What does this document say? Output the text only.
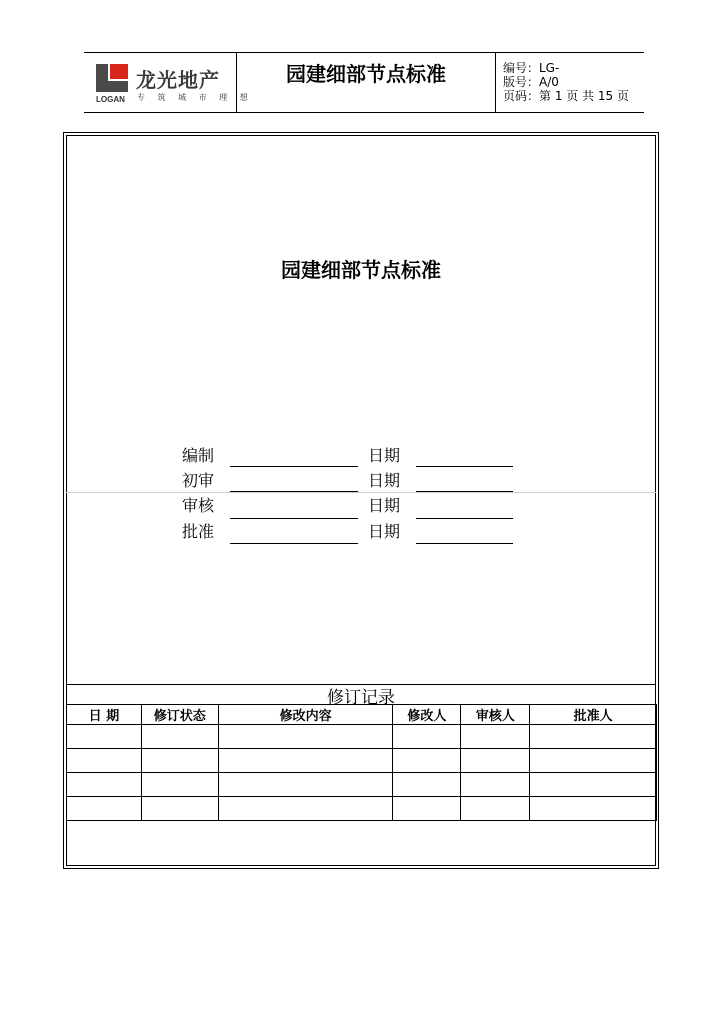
龙光地产
专 筑 城 市 理 想
LOGAN
园建细部节点标准	编号：LG-
版号：A/0
页码：第 1 页 共 15 页
园建细部节点标准
编制	日期
初审	日期
审核	日期
批准	日期
修订记录
日 期	修订状态	修改内容	修改人	审核人	批准人
